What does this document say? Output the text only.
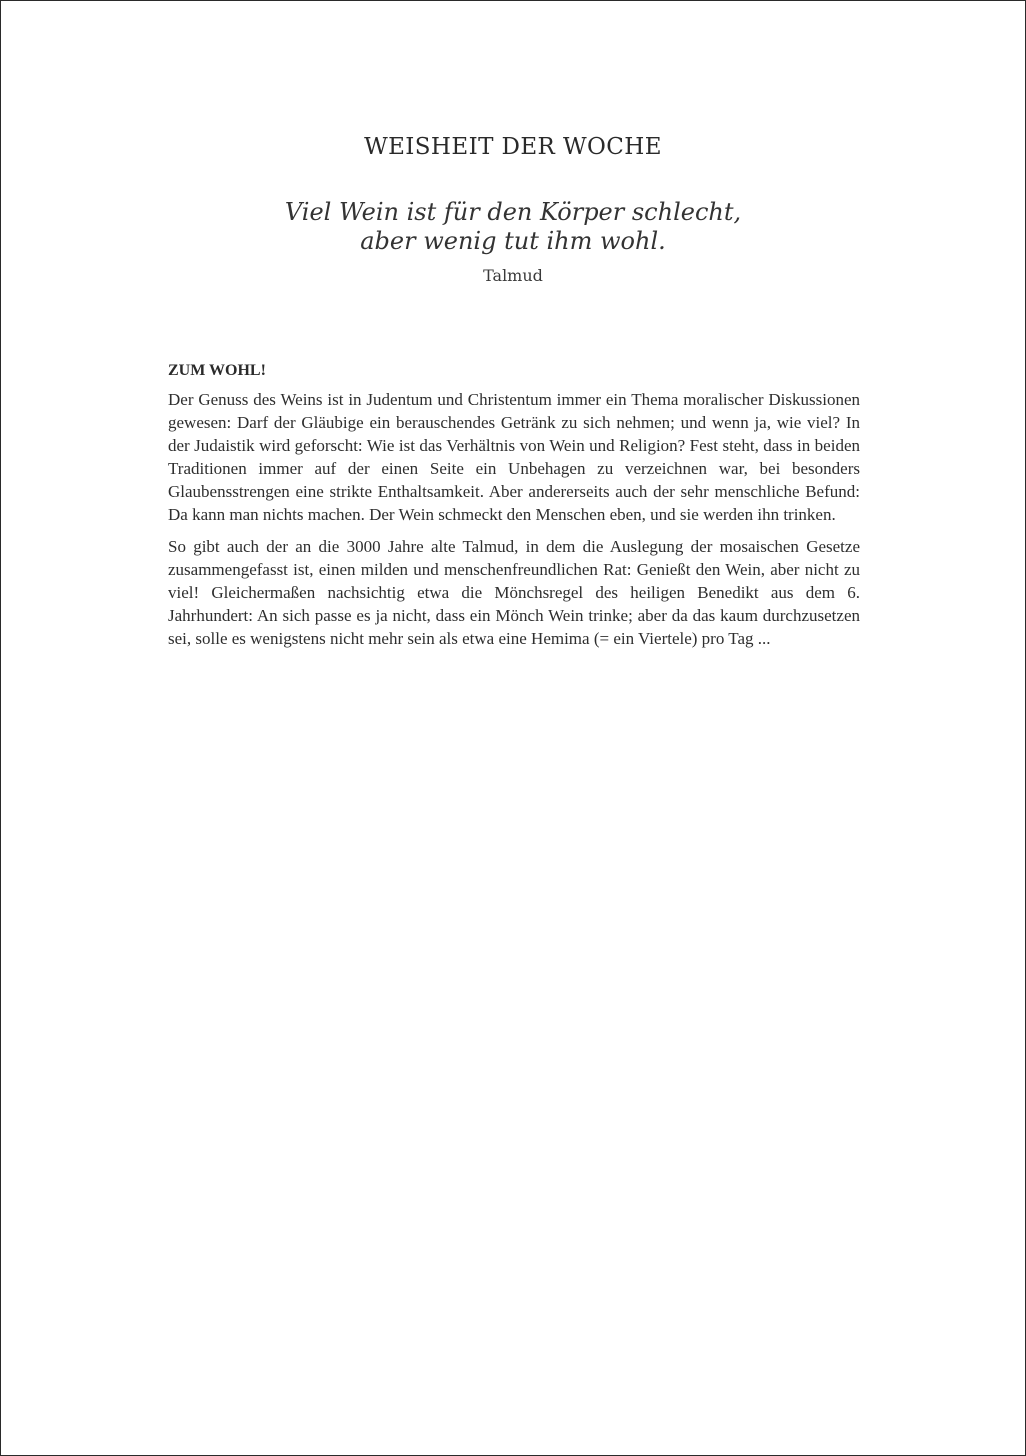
WEISHEIT DER WOCHE
Viel Wein ist für den Körper schlecht,
aber wenig tut ihm wohl.
Talmud
ZUM WOHL!

Der Genuss des Weins ist in Judentum und Christentum immer ein Thema moralischer Diskussionen gewesen: Darf der Gläubige ein berauschendes Getränk zu sich nehmen; und wenn ja, wie viel? In der Judaistik wird geforscht: Wie ist das Verhältnis von Wein und Religion? Fest steht, dass in beiden Traditionen immer auf der einen Seite ein Unbehagen zu verzeichnen war, bei besonders Glaubensstrengen eine strikte Enthaltsamkeit. Aber andererseits auch der sehr menschliche Befund: Da kann man nichts machen. Der Wein schmeckt den Menschen eben, und sie werden ihn trinken.

So gibt auch der an die 3000 Jahre alte Talmud, in dem die Auslegung der mosaischen Gesetze zusammengefasst ist, einen milden und menschenfreundlichen Rat: Genießt den Wein, aber nicht zu viel! Gleichermaßen nachsichtig etwa die Mönchsregel des heiligen Benedikt aus dem 6. Jahrhundert: An sich passe es ja nicht, dass ein Mönch Wein trinke; aber da das kaum durchzusetzen sei, solle es wenigstens nicht mehr sein als etwa eine Hemima (= ein Viertele) pro Tag ...
